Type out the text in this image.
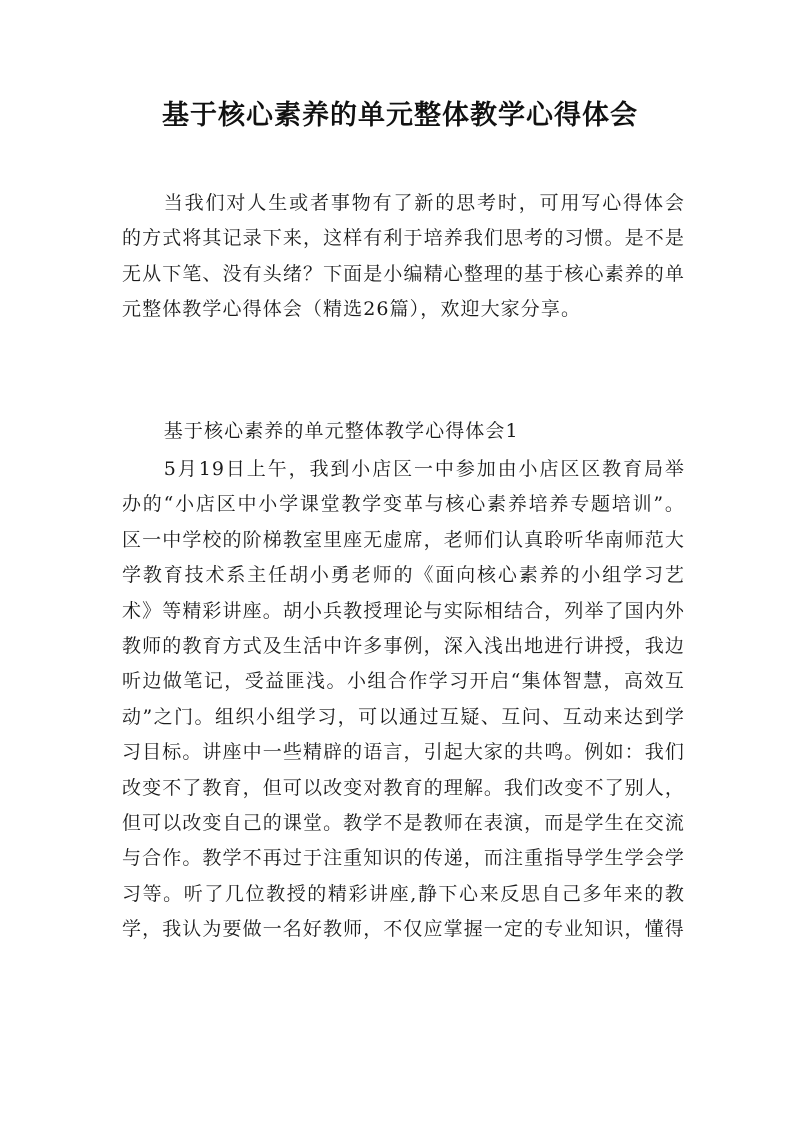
基于核心素养的单元整体教学心得体会
当我们对人生或者事物有了新的思考时，可用写心得体会的方式将其记录下来，这样有利于培养我们思考的习惯。是不是无从下笔、没有头绪？下面是小编精心整理的基于核心素养的单元整体教学心得体会（精选26篇），欢迎大家分享。
基于核心素养的单元整体教学心得体会1
5月19日上午，我到小店区一中参加由小店区区教育局举办的“小店区中小学课堂教学变革与核心素养培养专题培训”。区一中学校的阶梯教室里座无虚席，老师们认真聆听华南师范大学教育技术系主任胡小勇老师的《面向核心素养的小组学习艺术》等精彩讲座。胡小兵教授理论与实际相结合，列举了国内外教师的教育方式及生活中许多事例，深入浅出地进行讲授，我边听边做笔记，受益匪浅。小组合作学习开启“集体智慧，高效互动”之门。组织小组学习，可以通过互疑、互问、互动来达到学习目标。讲座中一些精辟的语言，引起大家的共鸣。例如：我们改变不了教育，但可以改变对教育的理解。我们改变不了别人，但可以改变自己的课堂。教学不是教师在表演，而是学生在交流与合作。教学不再过于注重知识的传递，而注重指导学生学会学习等。听了几位教授的精彩讲座,静下心来反思自己多年来的教学，我认为要做一名好教师，不仅应掌握一定的专业知识，懂得
